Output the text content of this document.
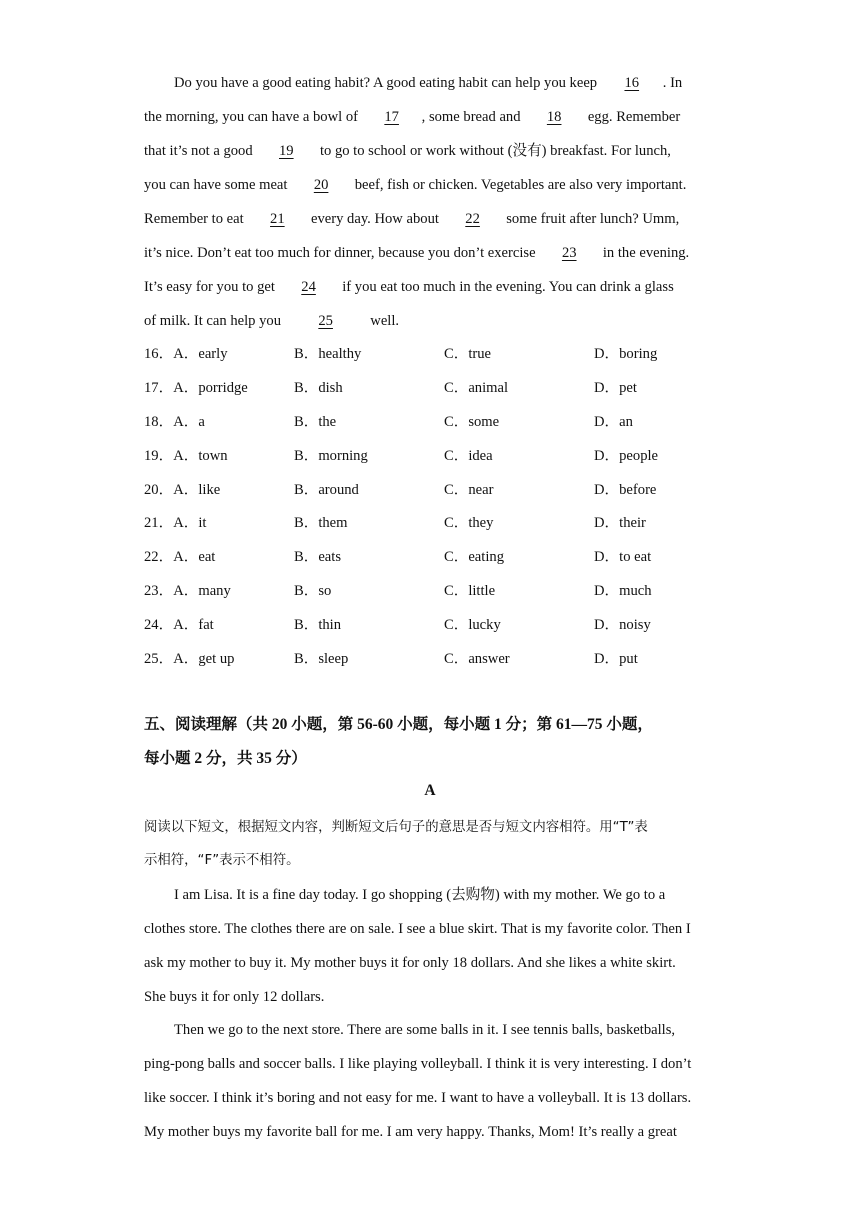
Do you have a good eating habit? A good eating habit can help you keep 16 . In
the morning, you can have a bowl of 17 , some bread and 18 egg. Remember
that it’s not a good 19 to go to school or work without (没有) breakfast. For lunch,
you can have some meat 20 beef, fish or chicken. Vegetables are also very important.
Remember to eat 21 every day. How about 22 some fruit after lunch? Umm,
it’s nice. Don’t eat too much for dinner, because you don’t exercise 23 in the evening.
It’s easy for you to get 24 if you eat too much in the evening. You can drink a glass
of milk. It can help you 25 well.
16．A．early	B．healthy	C．true	D．boring
17．A．porridge	B．dish	C．animal	D．pet
18．A．a	B．the	C．some	D．an
19．A．town	B．morning	C．idea	D．people
20．A．like	B．around	C．near	D．before
21．A．it	B．them	C．they	D．their
22．A．eat	B．eats	C．eating	D．to eat
23．A．many	B．so	C．little	D．much
24．A．fat	B．thin	C．lucky	D．noisy
25．A．get up	B．sleep	C．answer	D．put
五、阅读理解（共 20 小题，第 56-60 小题，每小题 1 分；第 61—75 小题，
每小题 2 分，共 35 分）
A
阅读以下短文，根据短文内容，判断短文后句子的意思是否与短文内容相符。用“T”表
示相符，“F”表示不相符。
I am Lisa. It is a fine day today. I go shopping (去购物) with my mother. We go to a
clothes store. The clothes there are on sale. I see a blue skirt. That is my favorite color. Then I
ask my mother to buy it. My mother buys it for only 18 dollars. And she likes a white skirt.
She buys it for only 12 dollars.
Then we go to the next store. There are some balls in it. I see tennis balls, basketballs,
ping-pong balls and soccer balls. I like playing volleyball. I think it is very interesting. I don’t
like soccer. I think it’s boring and not easy for me. I want to have a volleyball. It is 13 dollars.
My mother buys my favorite ball for me. I am very happy. Thanks, Mom! It’s really a great
